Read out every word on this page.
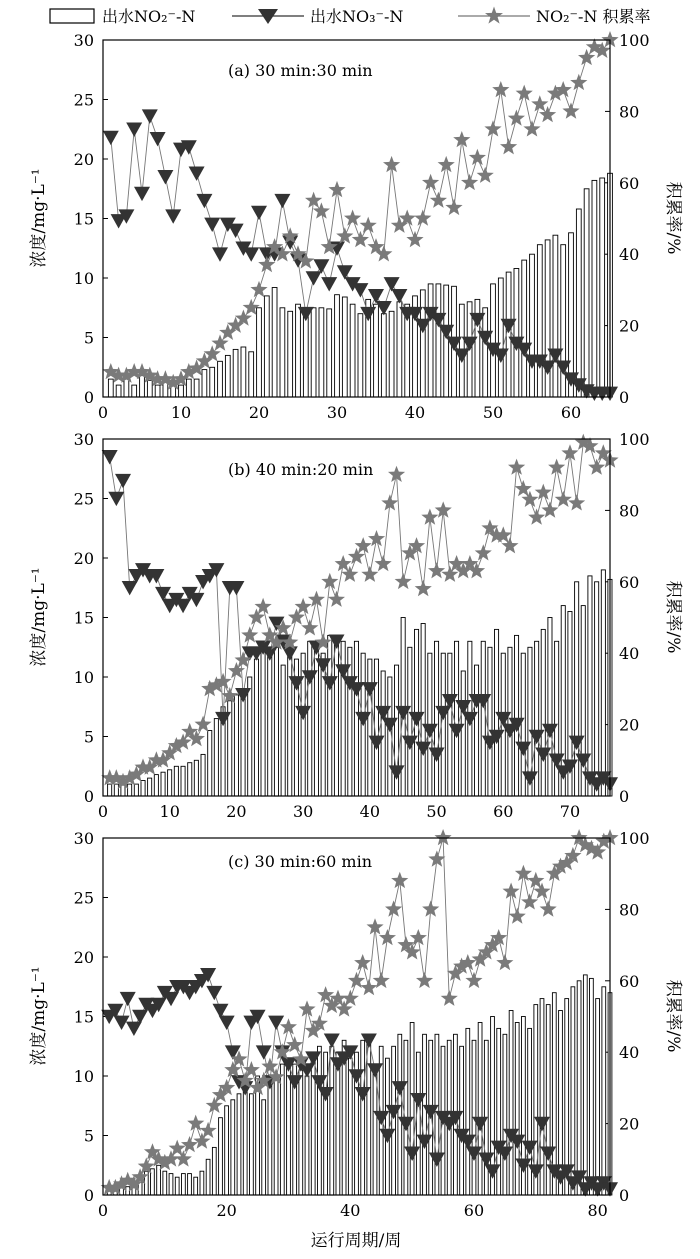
出水NO₂⁻-N	出水NO₃⁻-N	NO₂⁻-N 积累率
0	10	20	30	40	50	60
0
5
10
15
20
25
30
0
20
40
60
80
100
(a) 30 min:30 min
浓度/mg·L⁻¹	积累率/%
0	10	20	30	40	50	60	70
0
5
10
15
20
25
30
0
20
40
60
80
100
(b) 40 min:20 min
浓度/mg·L⁻¹	积累率/%
0	20	40	60	80
0
5
10
15
20
25
30
0
20
40
60
80
100
(c) 30 min:60 min
浓度/mg·L⁻¹	积累率/%
运行周期/周
